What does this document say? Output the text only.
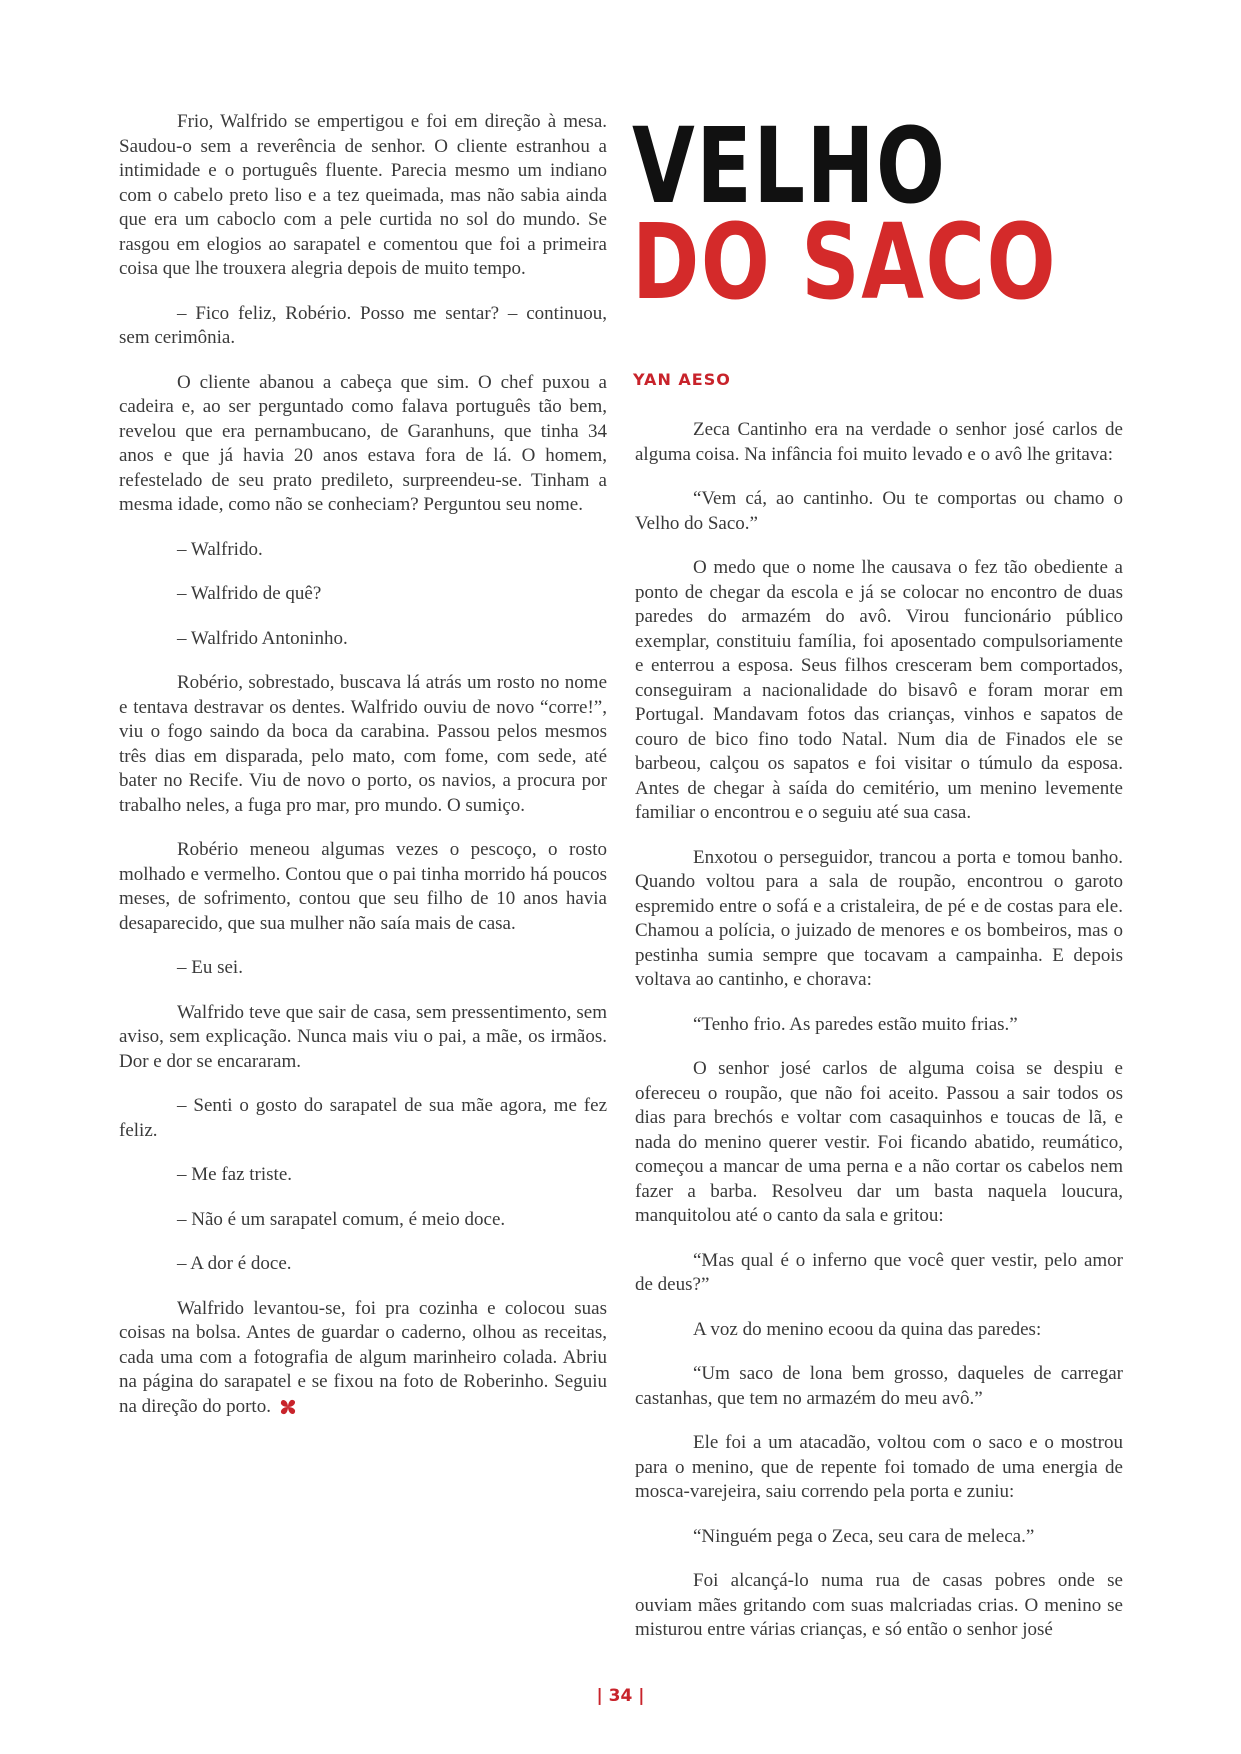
Frio, Walfrido se empertigou e foi em direção à mesa. Saudou-o sem a reverência de senhor. O cliente estranhou a intimidade e o português fluente. Parecia mesmo um indiano com o cabelo preto liso e a tez queimada, mas não sabia ainda que era um caboclo com a pele curtida no sol do mundo. Se rasgou em elogios ao sarapatel e comentou que foi a primeira coisa que lhe trouxera alegria depois de muito tempo.

– Fico feliz, Robério. Posso me sentar? – continuou, sem cerimônia.

O cliente abanou a cabeça que sim. O chef puxou a cadeira e, ao ser perguntado como falava português tão bem, revelou que era pernambucano, de Garanhuns, que tinha 34 anos e que já havia 20 anos estava fora de lá. O homem, refestelado de seu prato predileto, surpreendeu-se. Tinham a mesma idade, como não se conheciam? Perguntou seu nome.

– Walfrido.

– Walfrido de quê?

– Walfrido Antoninho.

Robério, sobrestado, buscava lá atrás um rosto no nome e tentava destravar os dentes. Walfrido ouviu de novo “corre!”, viu o fogo saindo da boca da carabina. Passou pelos mesmos três dias em disparada, pelo mato, com fome, com sede, até bater no Recife. Viu de novo o porto, os navios, a procura por trabalho neles, a fuga pro mar, pro mundo. O sumiço.

Robério meneou algumas vezes o pescoço, o rosto molhado e vermelho. Contou que o pai tinha morrido há poucos meses, de sofrimento, contou que seu filho de 10 anos havia desaparecido, que sua mulher não saía mais de casa.

– Eu sei.

Walfrido teve que sair de casa, sem pressentimento, sem aviso, sem explicação. Nunca mais viu o pai, a mãe, os irmãos. Dor e dor se encararam.

– Senti o gosto do sarapatel de sua mãe agora, me fez feliz.

– Me faz triste.

– Não é um sarapatel comum, é meio doce.

– A dor é doce.

Walfrido levantou-se, foi pra cozinha e colocou suas coisas na bolsa. Antes de guardar o caderno, olhou as receitas, cada uma com a fotografia de algum marinheiro colada. Abriu na página do sarapatel e se fixou na foto de Roberinho. Seguiu na direção do porto.

VELHO
DO SACO
YAN AESO

Zeca Cantinho era na verdade o senhor josé carlos de alguma coisa. Na infância foi muito levado e o avô lhe gritava:

“Vem cá, ao cantinho. Ou te comportas ou chamo o Velho do Saco.”

O medo que o nome lhe causava o fez tão obediente a ponto de chegar da escola e já se colocar no encontro de duas paredes do armazém do avô. Virou funcionário público exemplar, constituiu família, foi aposentado compulsoriamente e enterrou a esposa. Seus filhos cresceram bem comportados, conseguiram a nacionalidade do bisavô e foram morar em Portugal. Mandavam fotos das crianças, vinhos e sapatos de couro de bico fino todo Natal. Num dia de Finados ele se barbeou, calçou os sapatos e foi visitar o túmulo da esposa. Antes de chegar à saída do cemitério, um menino levemente familiar o encontrou e o seguiu até sua casa.

Enxotou o perseguidor, trancou a porta e tomou banho. Quando voltou para a sala de roupão, encontrou o garoto espremido entre o sofá e a cristaleira, de pé e de costas para ele. Chamou a polícia, o juizado de menores e os bombeiros, mas o pestinha sumia sempre que tocavam a campainha. E depois voltava ao cantinho, e chorava:

“Tenho frio. As paredes estão muito frias.”

O senhor josé carlos de alguma coisa se despiu e ofereceu o roupão, que não foi aceito. Passou a sair todos os dias para brechós e voltar com casaquinhos e toucas de lã, e nada do menino querer vestir. Foi ficando abatido, reumático, começou a mancar de uma perna e a não cortar os cabelos nem fazer a barba. Resolveu dar um basta naquela loucura, manquitolou até o canto da sala e gritou:

“Mas qual é o inferno que você quer vestir, pelo amor de deus?”

A voz do menino ecoou da quina das paredes:

“Um saco de lona bem grosso, daqueles de carregar castanhas, que tem no armazém do meu avô.”

Ele foi a um atacadão, voltou com o saco e o mostrou para o menino, que de repente foi tomado de uma energia de mosca-varejeira, saiu correndo pela porta e zuniu:

“Ninguém pega o Zeca, seu cara de meleca.”

Foi alcançá-lo numa rua de casas pobres onde se ouviam mães gritando com suas malcriadas crias. O menino se misturou entre várias crianças, e só então o senhor josé

| 34 |
